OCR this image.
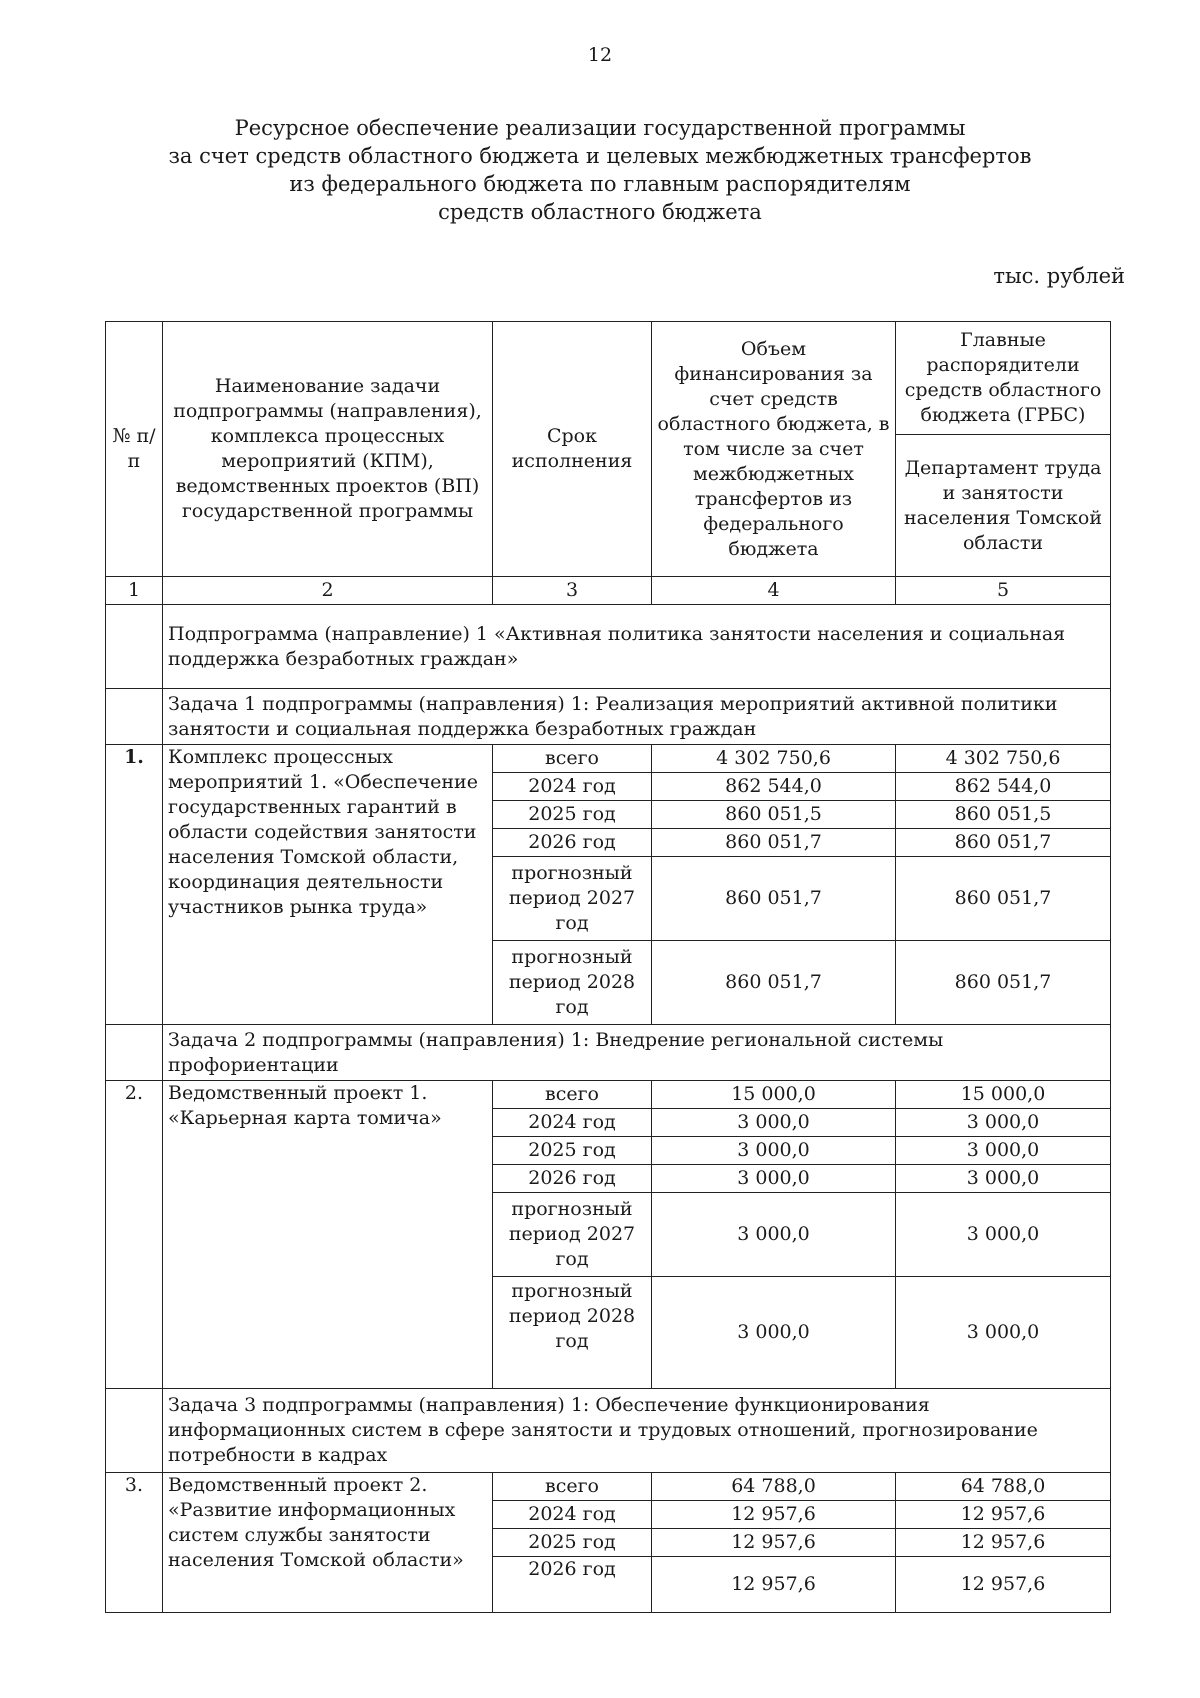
12
Ресурсное обеспечение реализации государственной программы
за счет средств областного бюджета и целевых межбюджетных трансфертов
из федерального бюджета по главным распорядителям
средств областного бюджета
тыс. рублей
№ п/п	Наименование задачи подпрограммы (направления), комплекса процессных мероприятий (КПМ), ведомственных проектов (ВП) государственной программы	Срок исполнения	Объем финансирования за счет средств областного бюджета, в том числе за счет межбюджетных трансфертов из федерального бюджета	Главные распорядители средств областного бюджета (ГРБС)
				Департамент труда и занятости населения Томской области
1	2	3	4	5
	Подпрограмма (направление) 1 «Активная политика занятости населения и социальная поддержка безработных граждан»			
	Задача 1 подпрограммы (направления) 1: Реализация мероприятий активной политики занятости и социальная поддержка безработных граждан			
1.	Комплекс процессных мероприятий 1. «Обеспечение государственных гарантий в области содействия занятости населения Томской области, координация деятельности участников рынка труда»	всего	4 302 750,6	4 302 750,6
		2024 год	862 544,0	862 544,0
		2025 год	860 051,5	860 051,5
		2026 год	860 051,7	860 051,7
		прогнозный период 2027 год	860 051,7	860 051,7
		прогнозный период 2028 год	860 051,7	860 051,7
	Задача 2 подпрограммы (направления) 1: Внедрение региональной системы профориентации			
2.	Ведомственный проект 1. «Карьерная карта томича»	всего	15 000,0	15 000,0
		2024 год	3 000,0	3 000,0
		2025 год	3 000,0	3 000,0
		2026 год	3 000,0	3 000,0
		прогнозный период 2027 год	3 000,0	3 000,0
		прогнозный период 2028 год	3 000,0	3 000,0
	Задача 3 подпрограммы (направления) 1: Обеспечение функционирования информационных систем в сфере занятости и трудовых отношений, прогнозирование потребности в кадрах			
3.	Ведомственный проект 2. «Развитие информационных систем службы занятости населения Томской области»	всего	64 788,0	64 788,0
		2024 год	12 957,6	12 957,6
		2025 год	12 957,6	12 957,6
		2026 год	12 957,6	12 957,6
